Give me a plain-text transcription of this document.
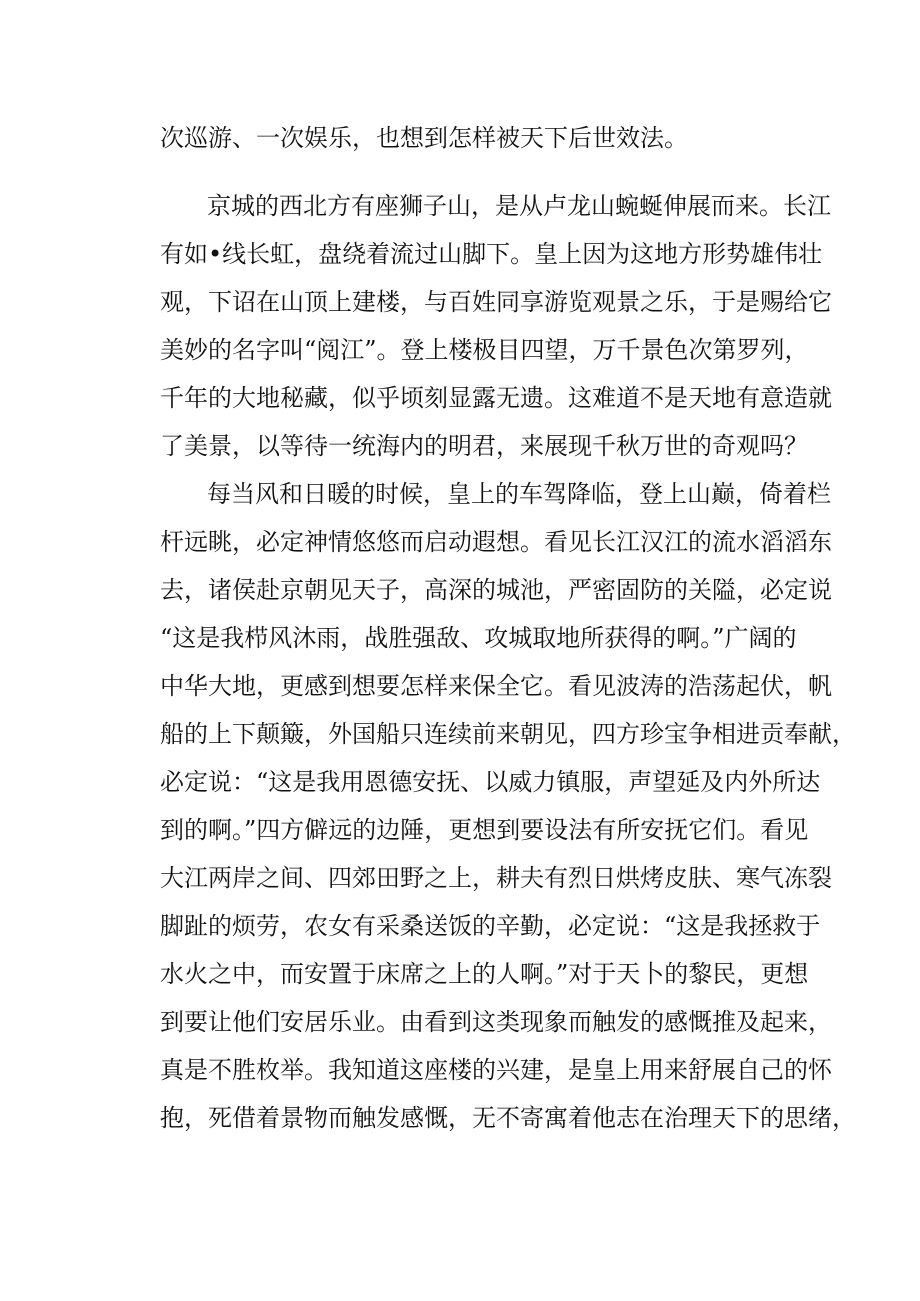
次巡游、一次娱乐，也想到怎样被天下后世效法。
京城的西北方有座狮子山，是从卢龙山蜿蜒伸展而来。长江
有如•线长虹，盘绕着流过山脚下。皇上因为这地方形势雄伟壮
观，下诏在山顶上建楼，与百姓同享游览观景之乐，于是赐给它
美妙的名字叫“阅江”。登上楼极目四望，万千景色次第罗列，
千年的大地秘藏，似乎顷刻显露无遗。这难道不是天地有意造就
了美景，以等待一统海内的明君，来展现千秋万世的奇观吗？
每当风和日暖的时候，皇上的车驾降临，登上山巅，倚着栏
杆远眺，必定神情悠悠而启动遐想。看见长江汉江的流水滔滔东
去，诸侯赴京朝见天子，高深的城池，严密固防的关隘，必定说
“这是我栉风沐雨，战胜强敌、攻城取地所获得的啊。”广阔的
中华大地，更感到想要怎样来保全它。看见波涛的浩荡起伏，帆
船的上下颠簸，外国船只连续前来朝见，四方珍宝争相进贡奉献，
必定说：“这是我用恩德安抚、以威力镇服，声望延及内外所达
到的啊。”四方僻远的边陲，更想到要设法有所安抚它们。看见
大江两岸之间、四郊田野之上，耕夫有烈日烘烤皮肤、寒气冻裂
脚趾的烦劳，农女有采桑送饭的辛勤，必定说：“这是我拯救于
水火之中，而安置于床席之上的人啊。”对于天卜的黎民，更想
到要让他们安居乐业。由看到这类现象而触发的感慨推及起来，
真是不胜枚举。我知道这座楼的兴建，是皇上用来舒展自己的怀
抱，死借着景物而触发感慨，无不寄寓着他志在治理天下的思绪，
